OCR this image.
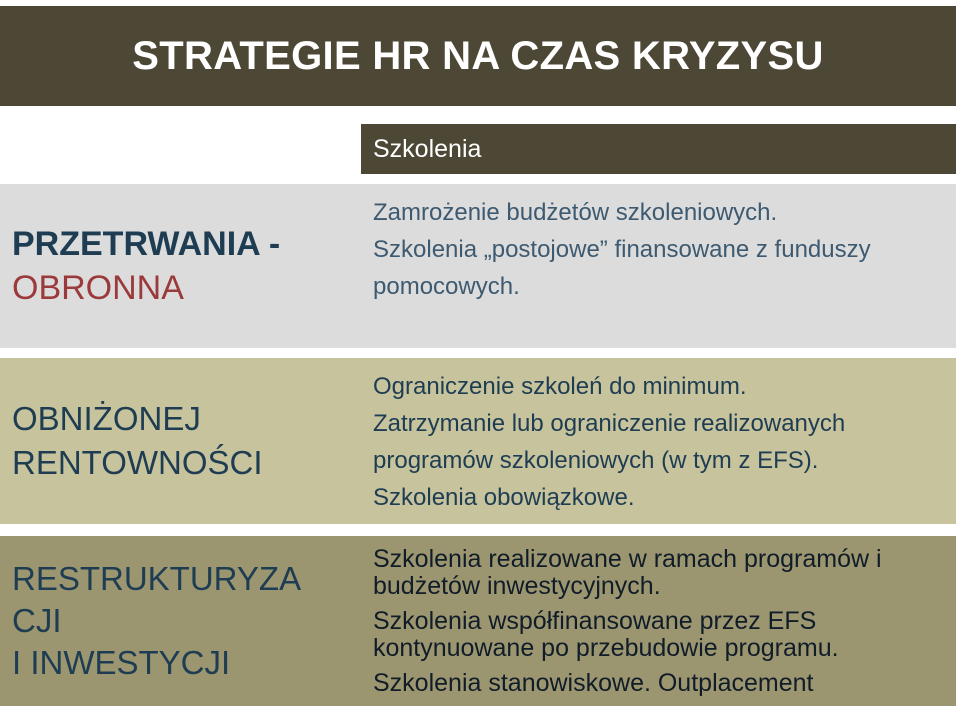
STRATEGIE HR NA CZAS KRYZYSU
Szkolenia
PRZETRWANIA -
OBRONNA

Zamrożenie budżetów szkoleniowych.

Szkolenia „postojowe” finansowane z funduszy pomocowych.

OBNIŻONEJ
RENTOWNOŚCI

Ograniczenie szkoleń do minimum.

Zatrzymanie lub ograniczenie realizowanych programów szkoleniowych (w tym z EFS).

Szkolenia obowiązkowe.

RESTRUKTURYZA
CJI
I INWESTYCJI

Szkolenia realizowane w ramach programów i budżetów inwestycyjnych.

Szkolenia współfinansowane przez EFS kontynuowane po przebudowie programu.

Szkolenia stanowiskowe. Outplacement
